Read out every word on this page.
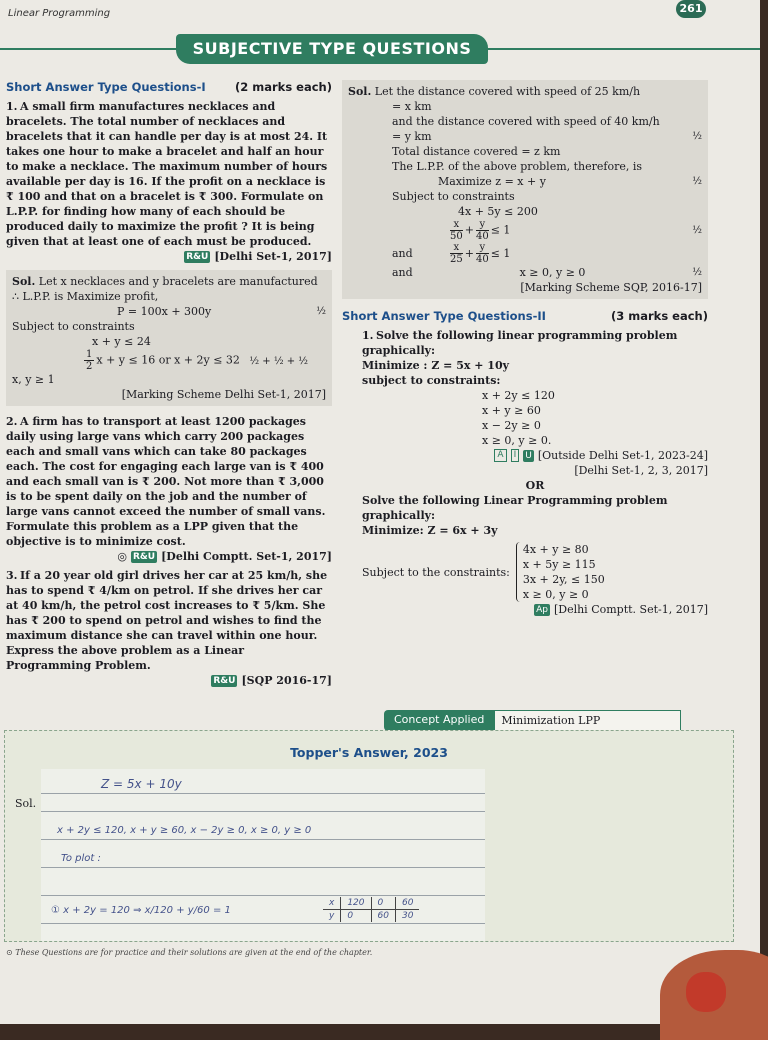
Linear Programming	261
SUBJECTIVE TYPE QUESTIONS
Short Answer Type Questions-I	(2 marks each)
1. A small firm manufactures necklaces and bracelets. The total number of necklaces and bracelets that it can handle per day is at most 24. It takes one hour to make a bracelet and half an hour to make a necklace. The maximum number of hours available per day is 16. If the profit on a necklace is ₹ 100 and that on a bracelet is ₹ 300. Formulate on L.P.P. for finding how many of each should be produced daily to maximize the profit ? It is being given that at least one of each must be produced.
R&U [Delhi Set-1, 2017]
Sol. Let x necklaces and y bracelets are manufactured
∴ L.P.P. is Maximize profit,
P = 100x + 300y	½
Subject to constraints
x + y ≤ 24
$\frac{1}{2}$ x + y ≤ 16 or x + 2y ≤ 32 ½ + ½ + ½
x, y ≥ 1
[Marking Scheme Delhi Set-1, 2017]
2. A firm has to transport at least 1200 packages daily using large vans which carry 200 packages each and small vans which can take 80 packages each. The cost for engaging each large van is ₹ 400 and each small van is ₹ 200. Not more than ₹ 3,000 is to be spent daily on the job and the number of large vans cannot exceed the number of small vans. Formulate this problem as a LPP given that the objective is to minimize cost.
◎ R&U [Delhi Comptt. Set-1, 2017]
3. If a 20 year old girl drives her car at 25 km/h, she has to spend ₹ 4/km on petrol. If she drives her car at 40 km/h, the petrol cost increases to ₹ 5/km. She has ₹ 200 to spend on petrol and wishes to find the maximum distance she can travel within one hour. Express the above problem as a Linear Programming Problem.
R&U [SQP 2016-17]
Sol. Let the distance covered with speed of 25 km/h
= x km
and the distance covered with speed of 40 km/h
= y km	½
Total distance covered = z km
The L.P.P. of the above problem, therefore, is
Maximize z = x + y	½
Subject to constraints
4x + 5y ≤ 200
$\frac{x}{50} + \frac{y}{40} \le 1$	½
and	$\frac{x}{25} + \frac{y}{40} \le 1$
and	x ≥ 0, y ≥ 0	½
[Marking Scheme SQP, 2016-17]
Short Answer Type Questions-II	(3 marks each)
1. Solve the following linear programming problem graphically:
Minimize : Z = 5x + 10y
subject to constraints:
x + 2y ≤ 120
x + y ≥ 60
x − 2y ≥ 0
x ≥ 0, y ≥ 0.
A	I	U [Outside Delhi Set-1, 2023-24]
[Delhi Set-1, 2, 3, 2017]
OR
Solve the following Linear Programming problem graphically:
Minimize: Z = 6x + 3y
Subject to the constraints:
4x + y ≥ 80
x + 5y ≥ 115
3x + 2y, ≤ 150
x ≥ 0, y ≥ 0
Ap [Delhi Comptt. Set-1, 2017]
Concept Applied	Minimization LPP
Topper's Answer, 2023
Sol.
Z = 5x + 10y
x + 2y ≤ 120, x + y ≥ 60, x − 2y ≥ 0, x ≥ 0, y ≥ 0
To plot :
① x + 2y = 120 ⇒ x/120 + y/60 = 1
x	120	0	60
y	0	60	30
⊙ These Questions are for practice and their solutions are given at the end of the chapter.
